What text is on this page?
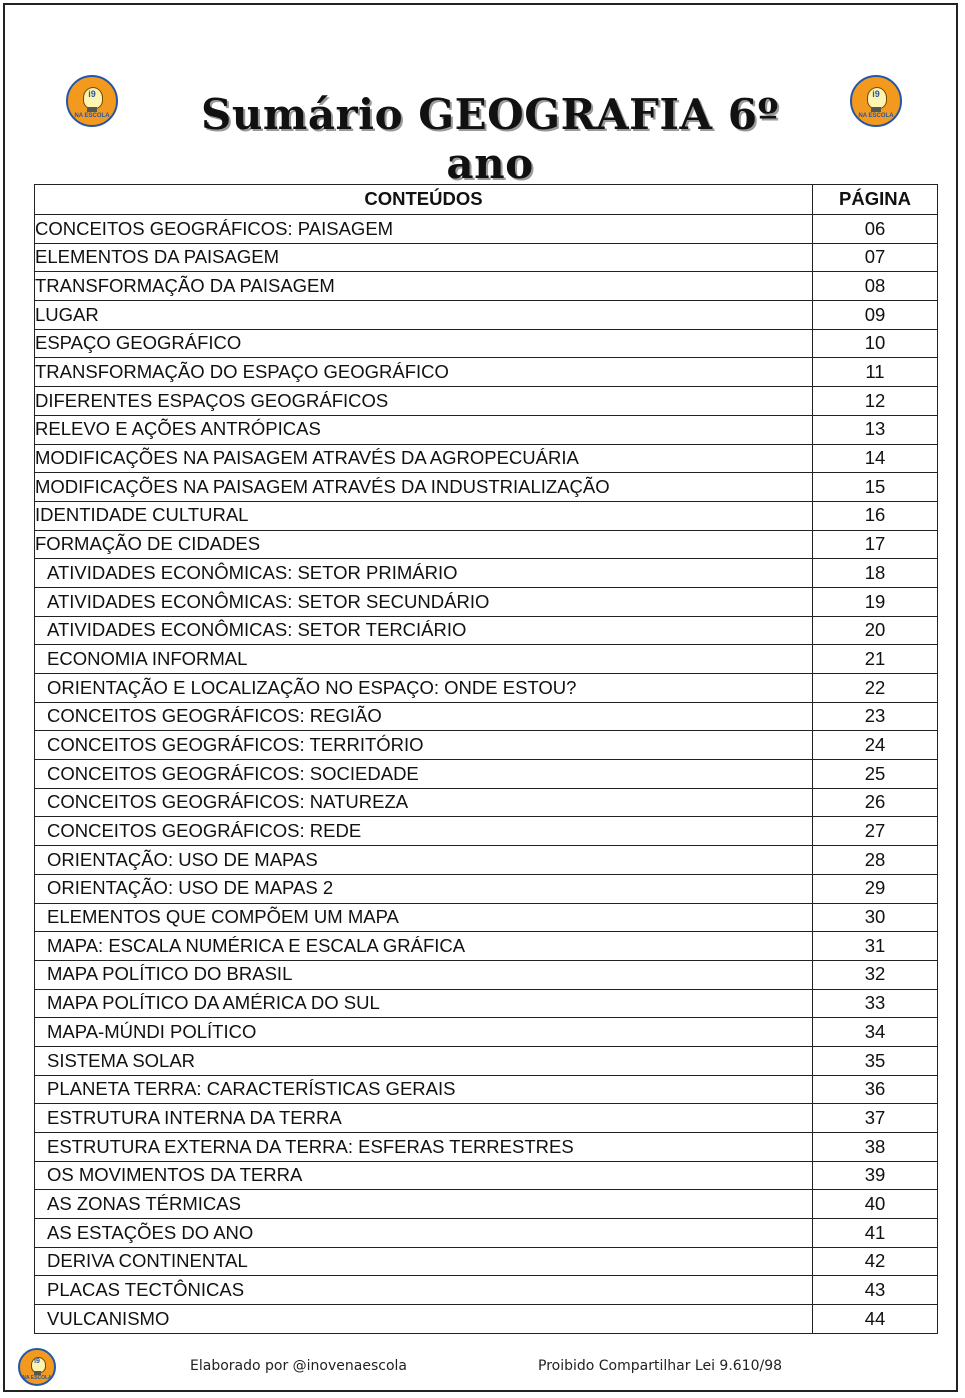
i9
NA ESCOLA
i9
NA ESCOLA
Sumário GEOGRAFIA 6º ano
CONTEÚDOS	PÁGINA
CONCEITOS GEOGRÁFICOS: PAISAGEM	06
ELEMENTOS DA PAISAGEM	07
TRANSFORMAÇÃO DA PAISAGEM	08
LUGAR	09
ESPAÇO GEOGRÁFICO	10
TRANSFORMAÇÃO DO ESPAÇO GEOGRÁFICO	11
DIFERENTES ESPAÇOS GEOGRÁFICOS	12
RELEVO E AÇÕES ANTRÓPICAS	13
MODIFICAÇÕES NA PAISAGEM ATRAVÉS DA AGROPECUÁRIA	14
MODIFICAÇÕES NA PAISAGEM ATRAVÉS DA INDUSTRIALIZAÇÃO	15
IDENTIDADE CULTURAL	16
FORMAÇÃO DE CIDADES	17
ATIVIDADES ECONÔMICAS: SETOR PRIMÁRIO	18
ATIVIDADES ECONÔMICAS: SETOR SECUNDÁRIO	19
ATIVIDADES ECONÔMICAS: SETOR TERCIÁRIO	20
ECONOMIA INFORMAL	21
ORIENTAÇÃO E LOCALIZAÇÃO NO ESPAÇO: ONDE ESTOU?	22
CONCEITOS GEOGRÁFICOS: REGIÃO	23
CONCEITOS GEOGRÁFICOS: TERRITÓRIO	24
CONCEITOS GEOGRÁFICOS: SOCIEDADE	25
CONCEITOS GEOGRÁFICOS: NATUREZA	26
CONCEITOS GEOGRÁFICOS: REDE	27
ORIENTAÇÃO: USO DE MAPAS	28
ORIENTAÇÃO: USO DE MAPAS 2	29
ELEMENTOS QUE COMPÕEM UM MAPA	30
MAPA: ESCALA NUMÉRICA E ESCALA GRÁFICA	31
MAPA POLÍTICO DO BRASIL	32
MAPA POLÍTICO DA AMÉRICA DO SUL	33
MAPA-MÚNDI POLÍTICO	34
SISTEMA SOLAR	35
PLANETA TERRA: CARACTERÍSTICAS GERAIS	36
ESTRUTURA INTERNA DA TERRA	37
ESTRUTURA EXTERNA DA TERRA: ESFERAS TERRESTRES	38
OS MOVIMENTOS DA TERRA	39
AS ZONAS TÉRMICAS	40
AS ESTAÇÕES DO ANO	41
DERIVA CONTINENTAL	42
PLACAS TECTÔNICAS	43
VULCANISMO	44
i9
NA ESCOLA
Elaborado por @inovenaescola	Proibido Compartilhar Lei 9.610/98
